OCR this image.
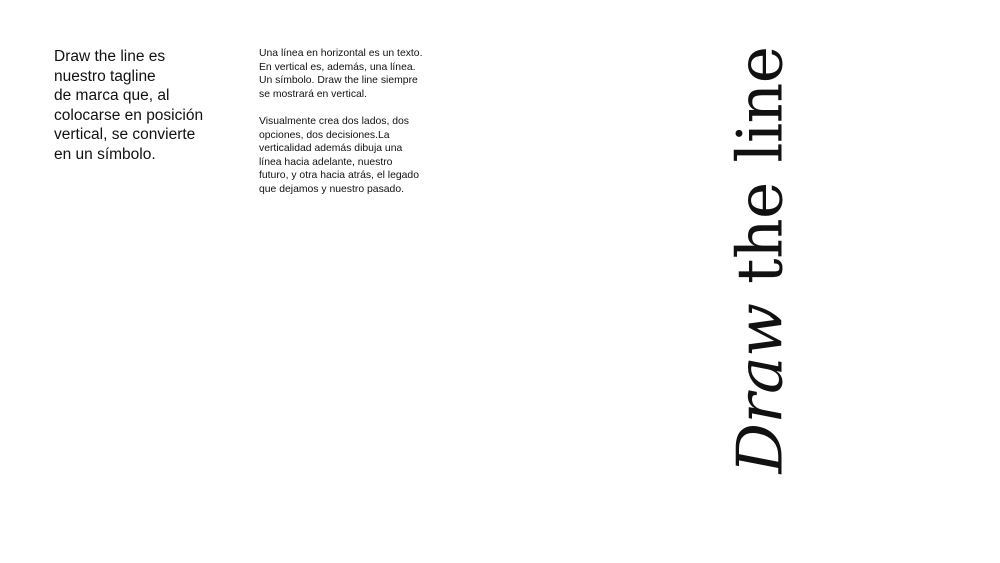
Draw the line es
nuestro tagline
de marca que, al
colocarse en posición
vertical, se convierte
en un símbolo.

Una línea en horizontal es un texto.
En vertical es, además, una línea.
Un símbolo. Draw the line siempre
se mostrará en vertical.

Visualmente crea dos lados, dos
opciones, dos decisiones.La
verticalidad además dibuja una
línea hacia adelante, nuestro
futuro, y otra hacia atrás, el legado
que dejamos y nuestro pasado.

Draw the line
